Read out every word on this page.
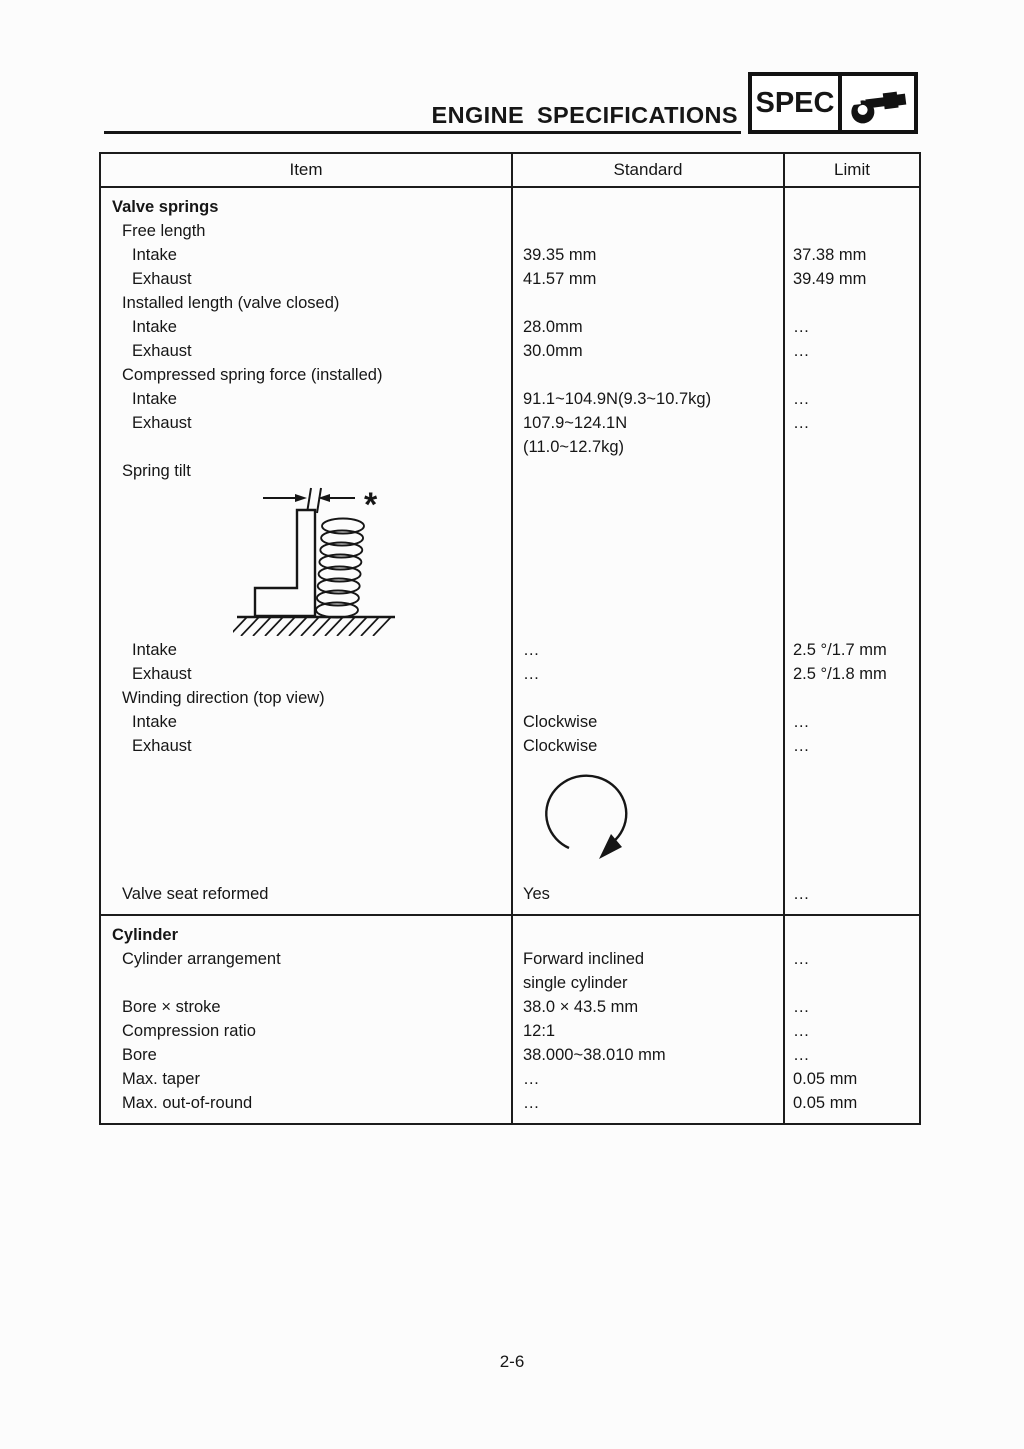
ENGINE SPECIFICATIONS SPEC
Item	Standard	Limit
Valve springs
Free length
Intake	39.35 mm	37.38 mm
Exhaust	41.57 mm	39.49 mm
Installed length (valve closed)
Intake	28.0mm	…
Exhaust	30.0mm	…
Compressed spring force (installed)
Intake	91.1~104.9N(9.3~10.7kg)	…
Exhaust	107.9~124.1N	…
(11.0~12.7kg)
Spring tilt
*
Intake	…	2.5 °/1.7 mm
Exhaust	…	2.5 °/1.8 mm
Winding direction (top view)
Intake	Clockwise	…
Exhaust	Clockwise	…
Valve seat reformed	Yes	…
Cylinder
Cylinder arrangement	Forward inclined	…
single cylinder
Bore × stroke	38.0 × 43.5 mm	…
Compression ratio	12:1	…
Bore	38.000~38.010 mm	…
Max. taper	…	0.05 mm
Max. out-of-round	…	0.05 mm
2-6
